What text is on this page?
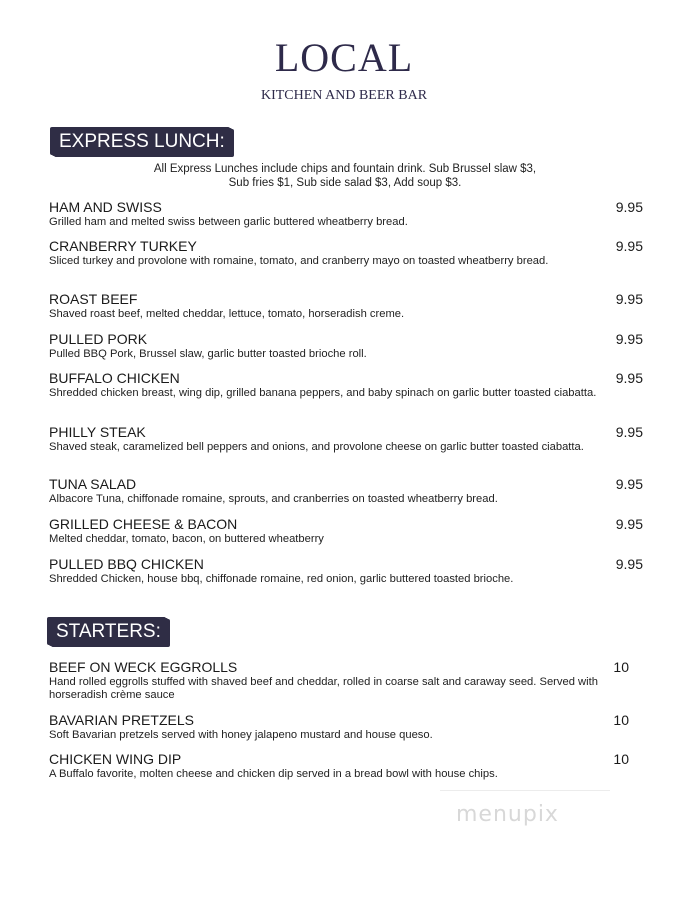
LOCAL
KITCHEN AND BEER BAR
EXPRESS LUNCH:
All Express Lunches include chips and fountain drink. Sub Brussel slaw $3,
Sub fries $1, Sub side salad $3, Add soup $3.
HAM AND SWISS
Grilled ham and melted swiss between garlic buttered wheatberry bread.
9.95
CRANBERRY TURKEY
Sliced turkey and provolone with romaine, tomato, and cranberry mayo on toasted wheatberry bread.
9.95
ROAST BEEF
Shaved roast beef, melted cheddar, lettuce, tomato, horseradish creme.
9.95
PULLED PORK
Pulled BBQ Pork, Brussel slaw, garlic butter toasted brioche roll.
9.95
BUFFALO CHICKEN
Shredded chicken breast, wing dip, grilled banana peppers, and baby spinach on garlic butter toasted ciabatta.
9.95
PHILLY STEAK
Shaved steak, caramelized bell peppers and onions, and provolone cheese on garlic butter toasted ciabatta.
9.95
TUNA SALAD
Albacore Tuna, chiffonade romaine, sprouts, and cranberries on toasted wheatberry bread.
9.95
GRILLED CHEESE & BACON
Melted cheddar, tomato, bacon, on buttered wheatberry
9.95
PULLED BBQ CHICKEN
Shredded Chicken, house bbq, chiffonade romaine, red onion, garlic buttered toasted brioche.
9.95
STARTERS:
BEEF ON WECK EGGROLLS
Hand rolled eggrolls stuffed with shaved beef and cheddar, rolled in coarse salt and caraway seed. Served with horseradish crème sauce
10
BAVARIAN PRETZELS
Soft Bavarian pretzels served with honey jalapeno mustard and house queso.
10
CHICKEN WING DIP
A Buffalo favorite, molten cheese and chicken dip served in a bread bowl with house chips.
10
menupix
